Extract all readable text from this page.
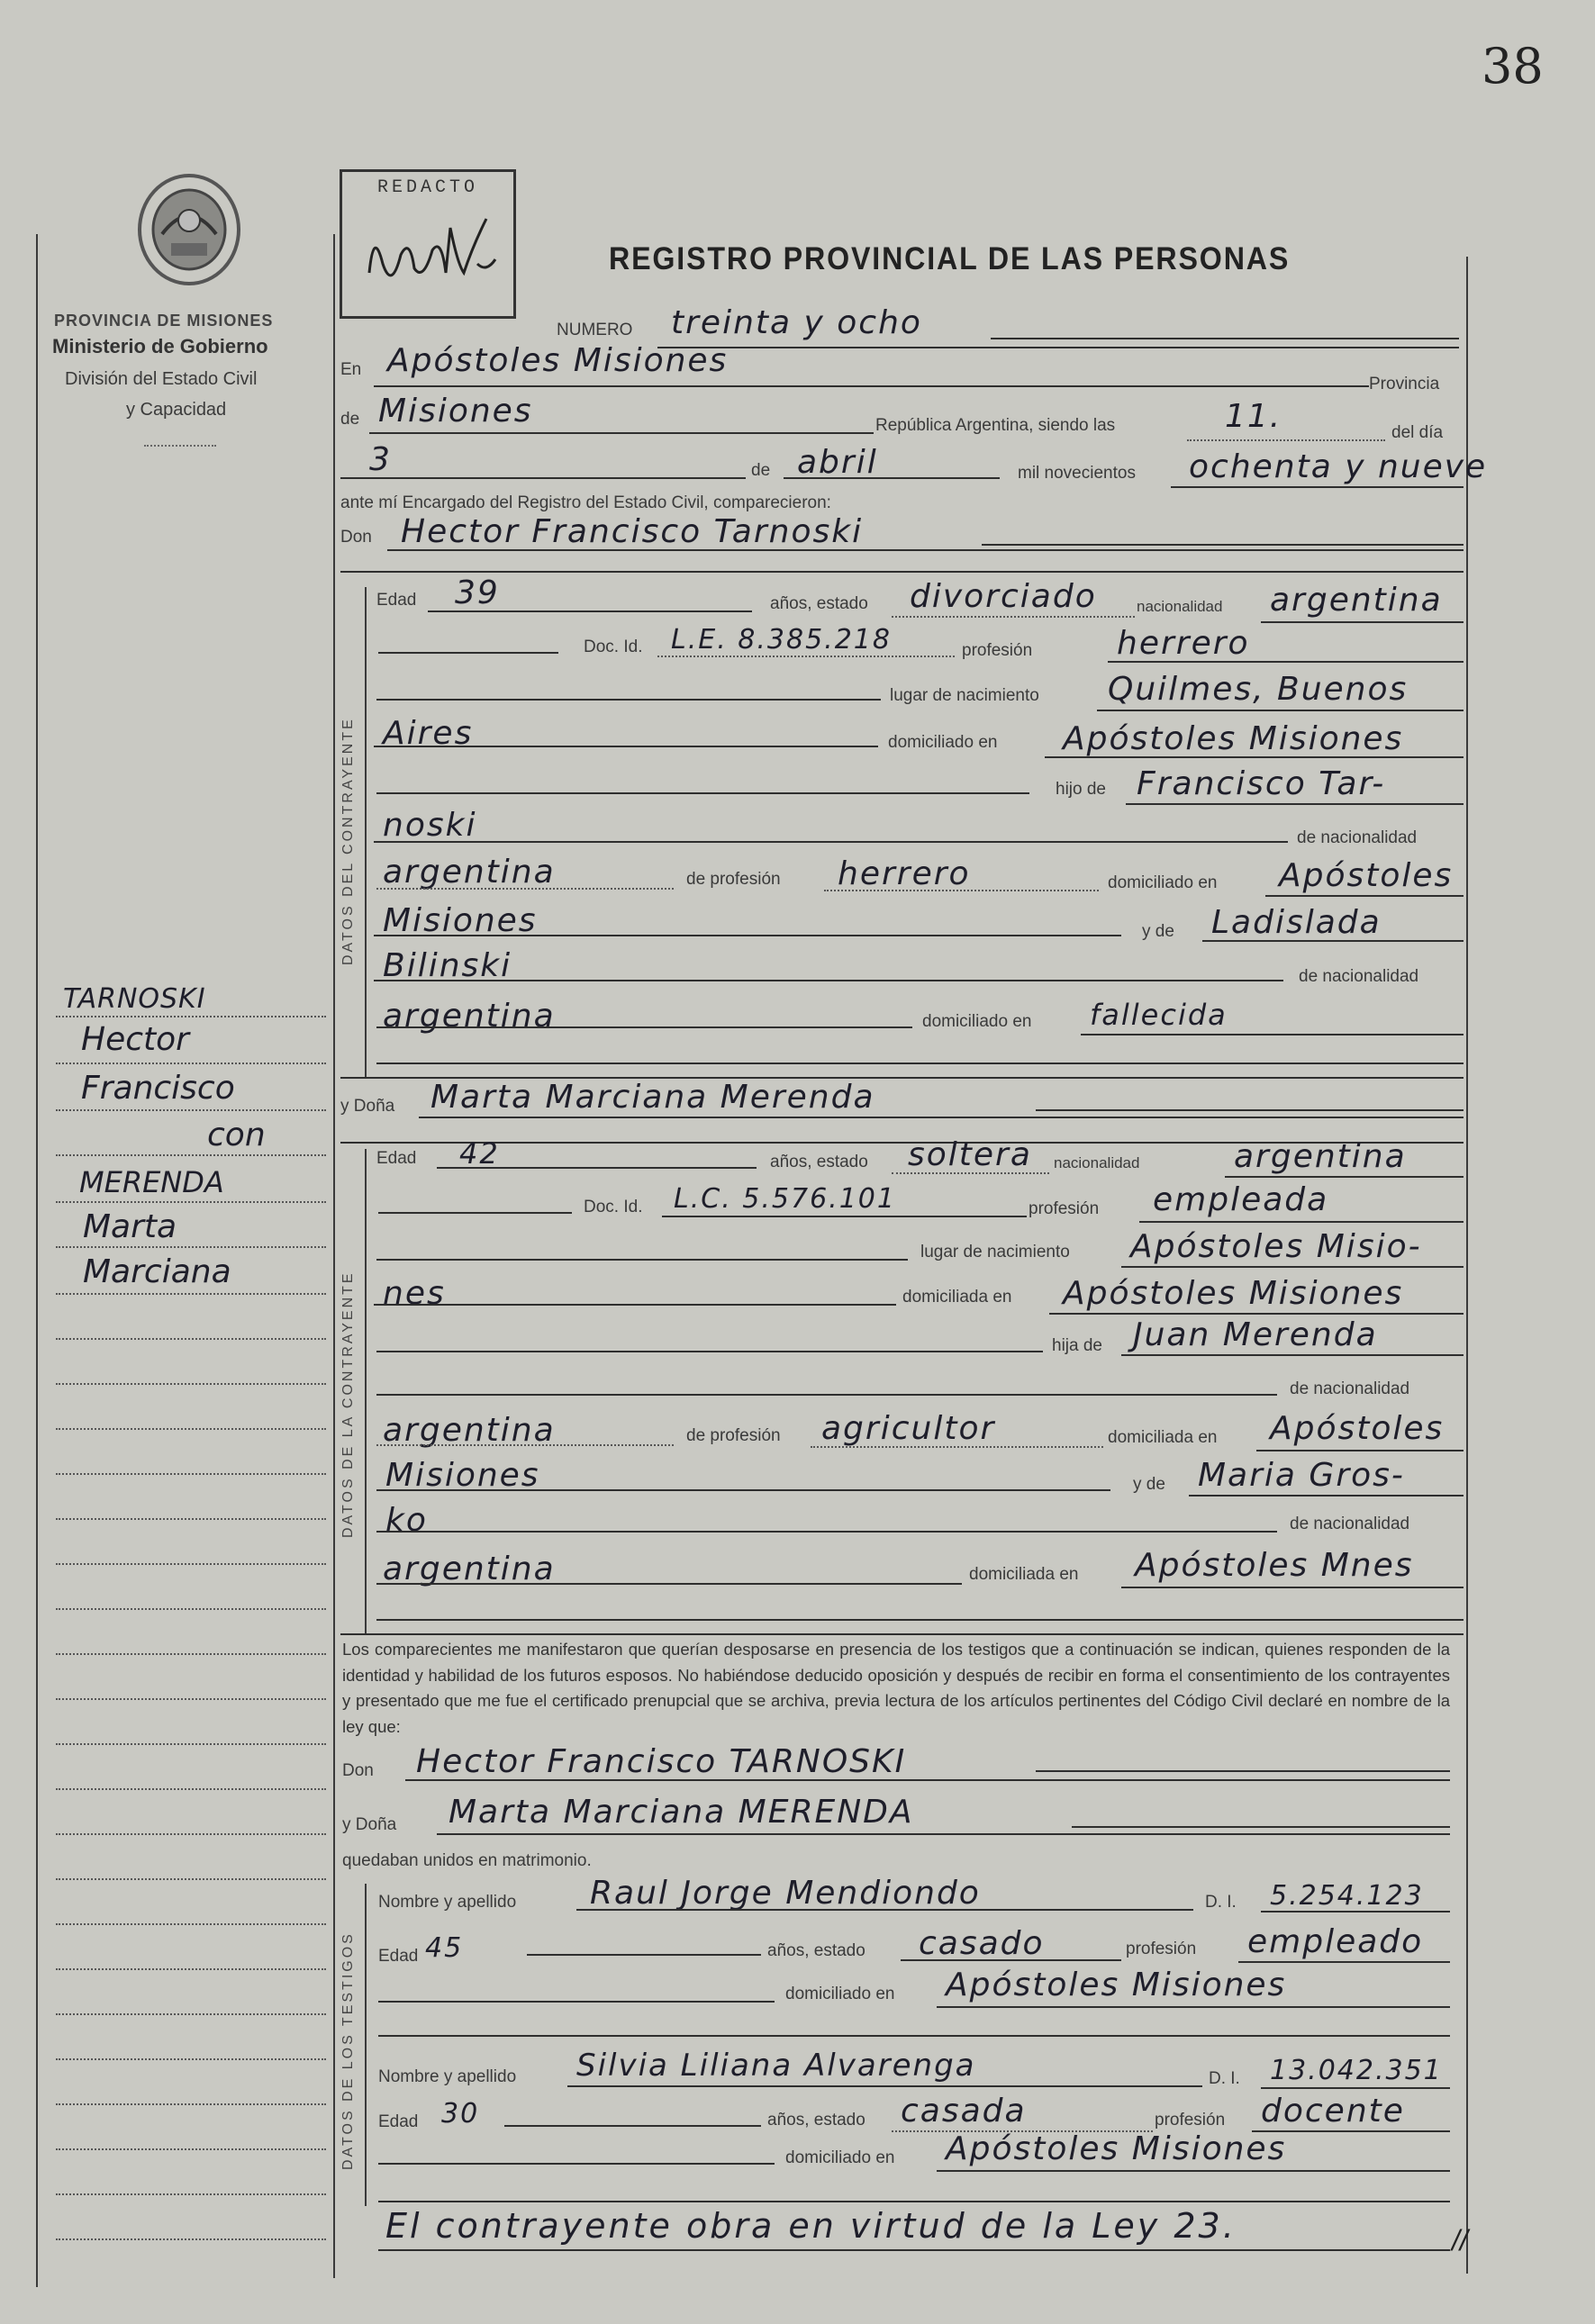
38
PROVINCIA DE MISIONES
Ministerio de Gobierno
División del Estado Civil
y Capacidad
REDACTO
REGISTRO PROVINCIAL DE LAS PERSONAS
NUMERO treinta y ocho
En Apóstoles Misiones
Provincia
de Misiones	República Argentina, siendo las	11.	del día
3	de abril	mil novecientos ochenta y nueve
ante mí Encargado del Registro del Estado Civil, comparecieron:
Don Hector Francisco Tarnoski
DATOS DEL CONTRAYENTE
Edad 39	años, estado divorciado	nacionalidad argentina
Doc. Id. L.E. 8.385.218	profesión	herrero
lugar de nacimiento Quilmes, Buenos
Aires	domiciliado en Apóstoles Misiones
hijo de Francisco Tar-
noski	de nacionalidad
argentina	de profesión herrero	domiciliado en Apóstoles
Misiones	y de Ladislada
Bilinski	de nacionalidad
argentina	domiciliado en fallecida
y Doña Marta Marciana Merenda
DATOS DE LA CONTRAYENTE
Edad 42	años, estado soltera nacionalidad	argentina
Doc. Id. L.C. 5.576.101	profesión empleada
lugar de nacimiento Apóstoles Misio-
nes	domiciliada en Apóstoles Misiones
hija de Juan Merenda
de nacionalidad
argentina	de profesión agricultor	domiciliada en Apóstoles
Misiones	y de Maria Gros-
ko	de nacionalidad
argentina	domiciliada en Apóstoles Mnes
Los comparecientes me manifestaron que querían desposarse en presencia de los testigos que a continuación se indican, quienes responden de la identidad y habilidad de los futuros esposos. No habiéndose deducido oposición y después de recibir en forma el consentimiento de los contrayentes y presentado que me fue el certificado prenupcial que se archiva, previa lectura de los artículos pertinentes del Código Civil declaré en nombre de la ley que:
Don Hector Francisco TARNOSKI
y Doña Marta Marciana MERENDA
quedaban unidos en matrimonio.
DATOS DE LOS TESTIGOS
Nombre y apellido Raul Jorge Mendiondo	D. I. 5.254.123
Edad 45	años, estado casado	profesión empleado
domiciliado en Apóstoles Misiones
Nombre y apellido Silvia Liliana Alvarenga	D. I. 13.042.351
Edad 30	años, estado casada	profesión docente
domiciliado en Apóstoles Misiones
El contrayente obra en virtud de la Ley 23.	//
TARNOSKI
Hector
Francisco
con
MERENDA
Marta
Marciana
